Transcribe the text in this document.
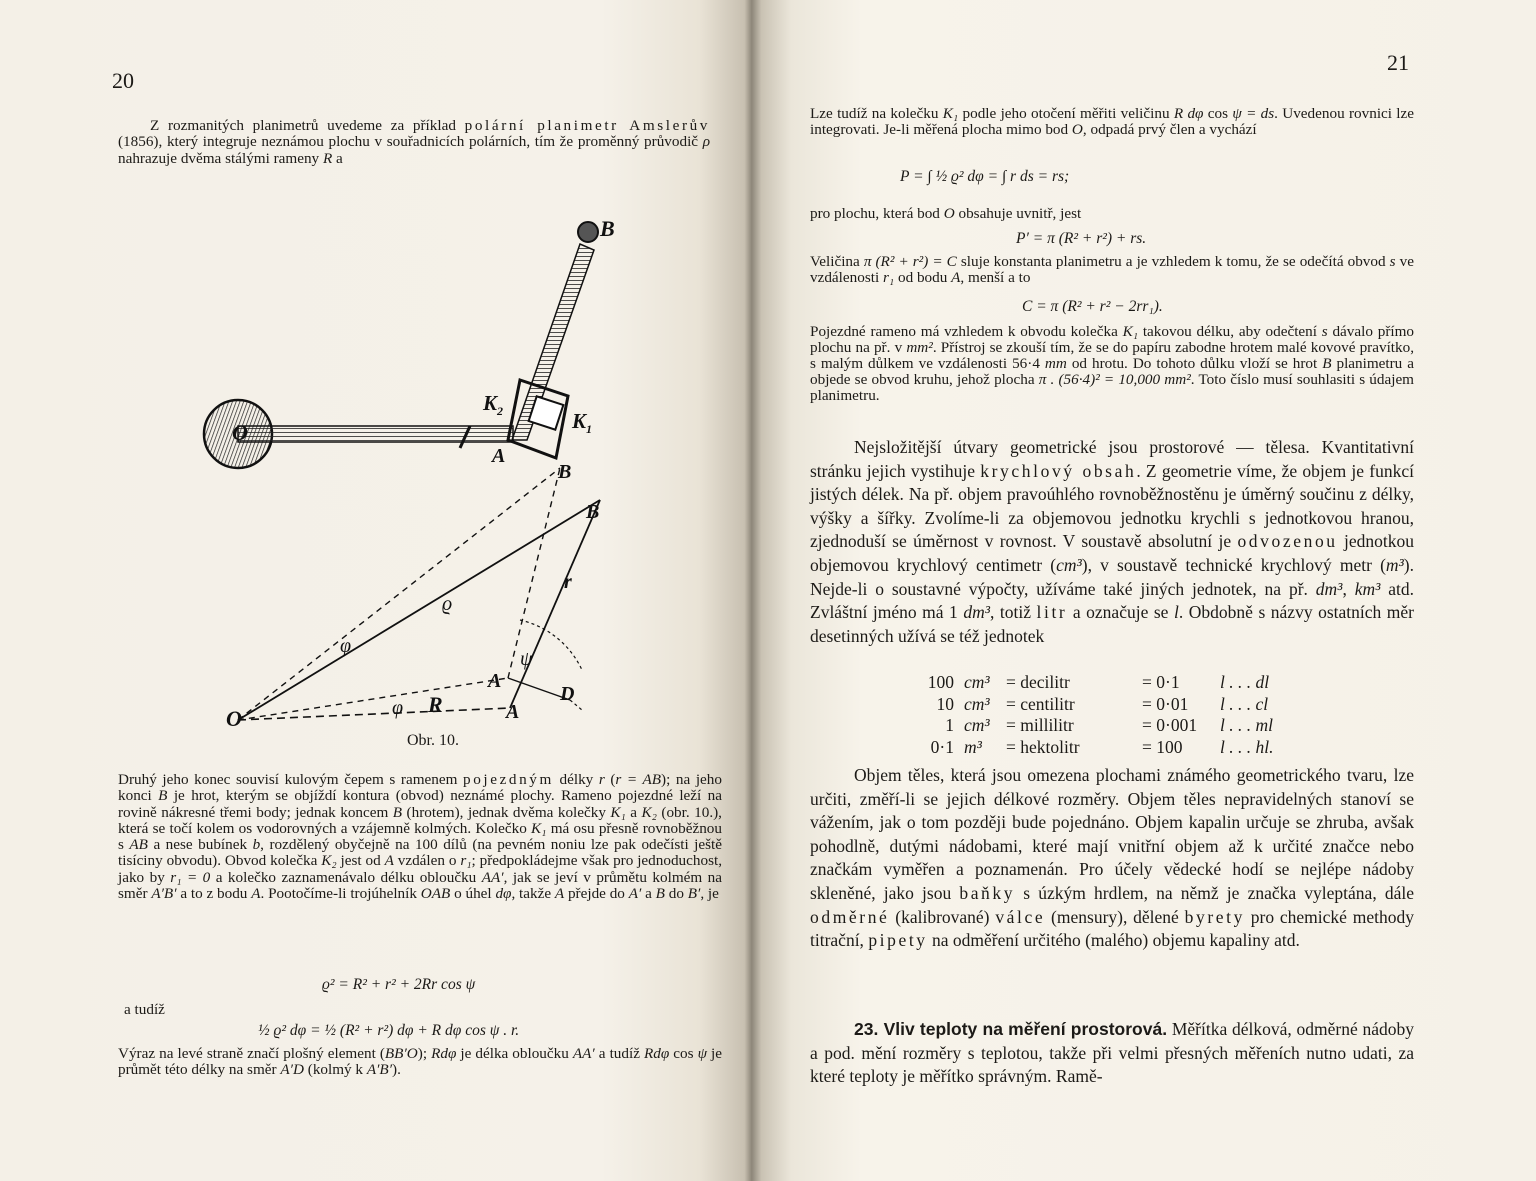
20

Z rozmanitých planimetrů uvedeme za příklad polární planimetr Amslerův (1856), který integruje neznámou plochu v souřadnicích polárních, tím že proměnný průvodič ρ nahrazuje dvěma stálými rameny R a

O
B
$K_2$	$K_1$
A
B
B
r
ϱ
φ
ψ
A
D
φ R	A
O
Obr. 10.

Druhý jeho konec souvisí kulovým čepem s ramenem pojezdným délky r (r = AB); na jeho konci B je hrot, kterým se objíždí kontura (obvod) neznámé plochy. Rameno pojezdné leží na rovině nákresné třemi body; jednak koncem B (hrotem), jednak dvěma kolečky K₁ a K₂ (obr. 10.), která se točí kolem os vodorovných a vzájemně kolmých. Kolečko K₁ má osu přesně rovnoběžnou s AB a nese bubínek b, rozdělený obyčejně na 100 dílů (na pevném noniu lze pak odečísti ještě tisíciny obvodu). Obvod kolečka K₂ jest od A vzdálen o r₁; předpokládejme však pro jednoduchost, jako by r₁ = 0 a kolečko zaznamenávalo délku obloučku AA′, jak se jeví v průmětu kolmém na směr A′B′ a to z bodu A. Pootočíme-li trojúhelník OAB o úhel dφ, takže A přejde do A′ a B do B′, je

ϱ² = R² + r² + 2Rr cos ψ
a tudíž
½ ϱ² dφ = ½ (R² + r²) dφ + R dφ cos ψ . r.

Výraz na levé straně značí plošný element (BB′O); Rdφ je délka obloučku AA′ a tudíž Rdφ cos ψ je průmět této délky na směr A′D (kolmý k A′B′).

21

Lze tudíž na kolečku K₁ podle jeho otočení měřiti veličinu R dφ cos ψ = ds. Uvedenou rovnici lze integrovati. Je-li měřená plocha mimo bod O, odpadá prvý člen a vychází

P = ∫ ½ ϱ² dφ = ∫ r ds = rs;

pro plochu, která bod O obsahuje uvnitř, jest

P′ = π (R² + r²) + rs.

Veličina π (R² + r²) = C sluje konstanta planimetru a je vzhledem k tomu, že se odečítá obvod s ve vzdálenosti r₁ od bodu A, menší a to

C = π (R² + r² − 2rr₁).

Pojezdné rameno má vzhledem k obvodu kolečka K₁ takovou délku, aby odečtení s dávalo přímo plochu na př. v mm². Přístroj se zkouší tím, že se do papíru zabodne hrotem malé kovové pravítko, s malým důlkem ve vzdálenosti 56·4 mm od hrotu. Do tohoto důlku vloží se hrot B planimetru a objede se obvod kruhu, jehož plocha π . (56·4)² = 10,000 mm². Toto číslo musí souhlasiti s údajem planimetru.

Nejsložitější útvary geometrické jsou prostorové — tělesa. Kvantitativní stránku jejich vystihuje krychlový obsah. Z geometrie víme, že objem je funkcí jistých délek. Na př. objem pravoúhlého rovnoběžnostěnu je úměrný součinu z délky, výšky a šířky. Zvolíme-li za objemovou jednotku krychli s jednotkovou hranou, zjednoduší se úměrnost v rovnost. V soustavě absolutní je odvozenou jednotkou objemovou krychlový centimetr (cm³), v soustavě technické krychlový metr (m³). Nejde-li o soustavné výpočty, užíváme také jiných jednotek, na př. dm³, km³ atd. Zvláštní jméno má 1 dm³, totiž litr a označuje se l. Obdobně s názvy ostatních měr desetinných užívá se též jednotek

100 cm³ = decilitr	= 0·1	l . . . dl
10 cm³ = centilitr	= 0·01	l . . . cl
1 cm³ = millilitr	= 0·001	l . . . ml
0·1 m³	= hektolitr	= 100	l . . . hl.

Objem těles, která jsou omezena plochami známého geometrického tvaru, lze určiti, změří-li se jejich délkové rozměry. Objem těles nepravidelných stanoví se vážením, jak o tom později bude pojednáno. Objem kapalin určuje se zhruba, avšak pohodlně, dutými nádobami, které mají vnitřní objem až k určité značce nebo značkám vyměřen a poznamenán. Pro účely vědecké hodí se nejlépe nádoby skleněné, jako jsou baňky s úzkým hrdlem, na němž je značka vyleptána, dále odměrné (kalibrované) válce (mensury), dělené byrety pro chemické methody titrační, pipety na odměření určitého (malého) objemu kapaliny atd.

23. Vliv teploty na měření prostorová. Měřítka délková, odměrné nádoby a pod. mění rozměry s teplotou, takže při velmi přesných měřeních nutno udati, za které teploty je měřítko správným. Ramě-
